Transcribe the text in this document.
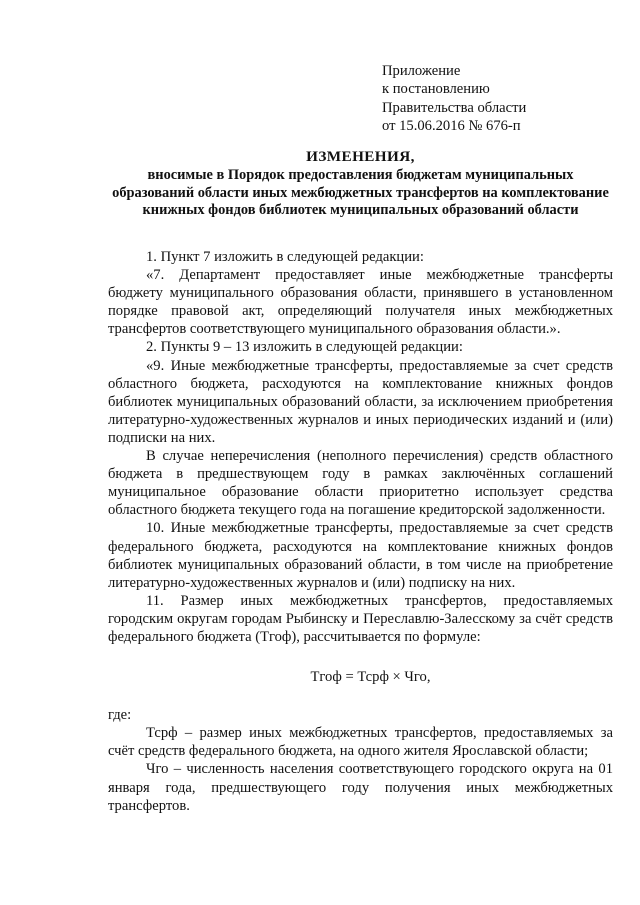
Приложение
к постановлению
Правительства области
от 15.06.2016 № 676-п
ИЗМЕНЕНИЯ,
вносимые в Порядок предоставления бюджетам муниципальных образований области иных межбюджетных трансфертов на комплектование книжных фондов библиотек муниципальных образований области

1. Пункт 7 изложить в следующей редакции:

«7. Департамент предоставляет иные межбюджетные трансферты бюджету муниципального образования области, принявшего в установленном порядке правовой акт, определяющий получателя иных межбюджетных трансфертов соответствующего муниципального образования области.».

2. Пункты 9 – 13 изложить в следующей редакции:

«9. Иные межбюджетные трансферты, предоставляемые за счет средств областного бюджета, расходуются на комплектование книжных фондов библиотек муниципальных образований области, за исключением приобретения литературно-художественных журналов и иных периодических изданий и (или) подписки на них.

В случае неперечисления (неполного перечисления) средств областного бюджета в предшествующем году в рамках заключённых соглашений муниципальное образование области приоритетно использует средства областного бюджета текущего года на погашение кредиторской задолженности.

10. Иные межбюджетные трансферты, предоставляемые за счет средств федерального бюджета, расходуются на комплектование книжных фондов библиотек муниципальных образований области, в том числе на приобретение литературно-художественных журналов и (или) подписку на них.

11. Размер иных межбюджетных трансфертов, предоставляемых городским округам городам Рыбинску и Переславлю-Залесскому за счёт средств федерального бюджета (Тгоф), рассчитывается по формуле:

Тгоф = Тсрф × Чго,

где:

Тсрф – размер иных межбюджетных трансфертов, предоставляемых за счёт средств федерального бюджета, на одного жителя Ярославской области;

Чго – численность населения соответствующего городского округа на 01 января года, предшествующего году получения иных межбюджетных трансфертов.
